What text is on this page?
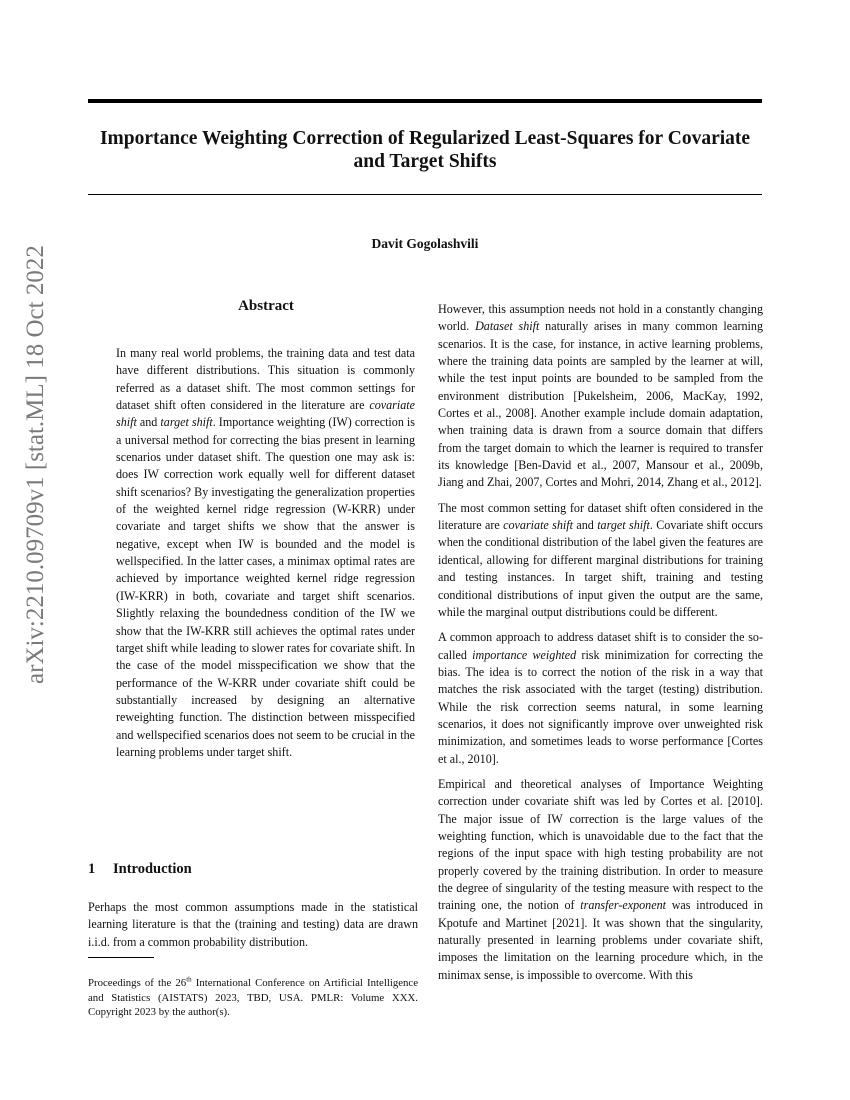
Importance Weighting Correction of Regularized Least-Squares for Covariate and Target Shifts
Davit Gogolashvili
arXiv:2210.09709v1 [stat.ML] 18 Oct 2022	Abstract
In many real world problems, the training data and test data have different distributions. This situation is commonly referred as a dataset shift. The most common settings for dataset shift often considered in the literature are covariate shift and target shift. Importance weighting (IW) correction is a universal method for correcting the bias present in learning scenarios under dataset shift. The question one may ask is: does IW correction work equally well for different dataset shift scenarios? By investigating the generalization properties of the weighted kernel ridge regression (W-KRR) under covariate and target shifts we show that the answer is negative, except when IW is bounded and the model is wellspecified. In the latter cases, a minimax optimal rates are achieved by importance weighted kernel ridge regression (IW-KRR) in both, covariate and target shift scenarios. Slightly relaxing the boundedness condition of the IW we show that the IW-KRR still achieves the optimal rates under target shift while leading to slower rates for covariate shift. In the case of the model misspecification we show that the performance of the W-KRR under covariate shift could be substantially increased by designing an alternative reweighting function. The distinction between misspecified and wellspecified scenarios does not seem to be crucial in the learning problems under target shift.
1 Introduction
Perhaps the most common assumptions made in the statistical learning literature is that the (training and testing) data are drawn i.i.d. from a common probability distribution.
Proceedings of the 26th International Conference on Artificial Intelligence and Statistics (AISTATS) 2023, TBD, USA. PMLR: Volume XXX. Copyright 2023 by the author(s).

However, this assumption needs not hold in a constantly changing world. Dataset shift naturally arises in many common learning scenarios. It is the case, for instance, in active learning problems, where the training data points are sampled by the learner at will, while the test input points are bounded to be sampled from the environment distribution [Pukelsheim, 2006, MacKay, 1992, Cortes et al., 2008]. Another example include domain adaptation, when training data is drawn from a source domain that differs from the target domain to which the learner is required to transfer its knowledge [Ben-David et al., 2007, Mansour et al., 2009b, Jiang and Zhai, 2007, Cortes and Mohri, 2014, Zhang et al., 2012].

The most common setting for dataset shift often considered in the literature are covariate shift and target shift. Covariate shift occurs when the conditional distribution of the label given the features are identical, allowing for different marginal distributions for training and testing instances. In target shift, training and testing conditional distributions of input given the output are the same, while the marginal output distributions could be different.

A common approach to address dataset shift is to consider the so-called importance weighted risk minimization for correcting the bias. The idea is to correct the notion of the risk in a way that matches the risk associated with the target (testing) distribution. While the risk correction seems natural, in some learning scenarios, it does not significantly improve over unweighted risk minimization, and sometimes leads to worse performance [Cortes et al., 2010].

Empirical and theoretical analyses of Importance Weighting correction under covariate shift was led by Cortes et al. [2010]. The major issue of IW correction is the large values of the weighting function, which is unavoidable due to the fact that the regions of the input space with high testing probability are not properly covered by the training distribution. In order to measure the degree of singularity of the testing measure with respect to the training one, the notion of transfer-exponent was introduced in Kpotufe and Martinet [2021]. It was shown that the singularity, naturally presented in learning problems under covariate shift, imposes the limitation on the learning procedure which, in the minimax sense, is impossible to overcome. With this
